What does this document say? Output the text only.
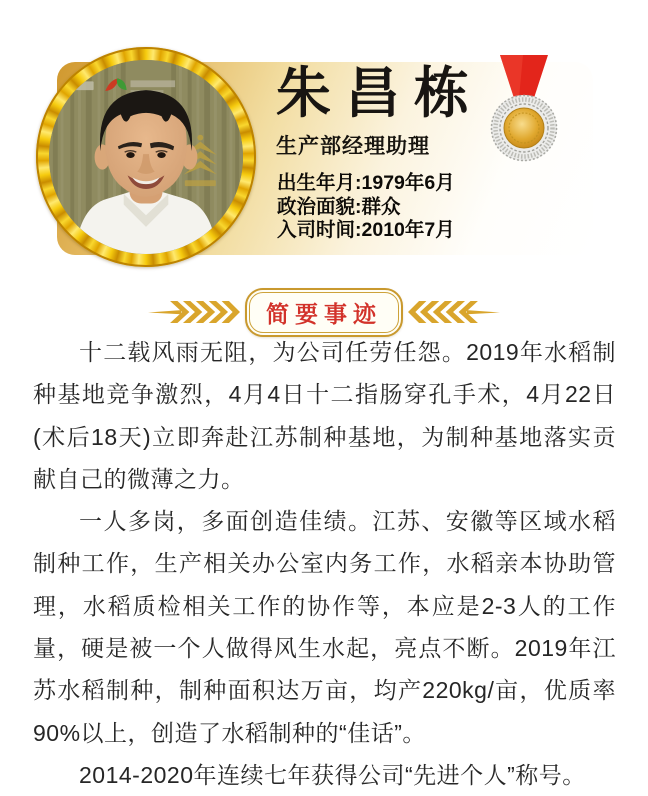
朱昌栋
生产部经理助理
出生年月:1979年6月
政治面貌:群众
入司时间:2010年7月
简要事迹

十二载风雨无阻，为公司任劳任怨。2019年水稻制种基地竞争激烈，4月4日十二指肠穿孔手术，4月22日(术后18天)立即奔赴江苏制种基地，为制种基地落实贡献自己的微薄之力。

一人多岗，多面创造佳绩。江苏、安徽等区域水稻制种工作，生产相关办公室内务工作，水稻亲本协助管理，水稻质检相关工作的协作等，本应是2-3人的工作量，硬是被一个人做得风生水起，亮点不断。2019年江苏水稻制种，制种面积达万亩，均产220kg/亩，优质率90%以上，创造了水稻制种的“佳话”。

2014-2020年连续七年获得公司“先进个人”称号。
